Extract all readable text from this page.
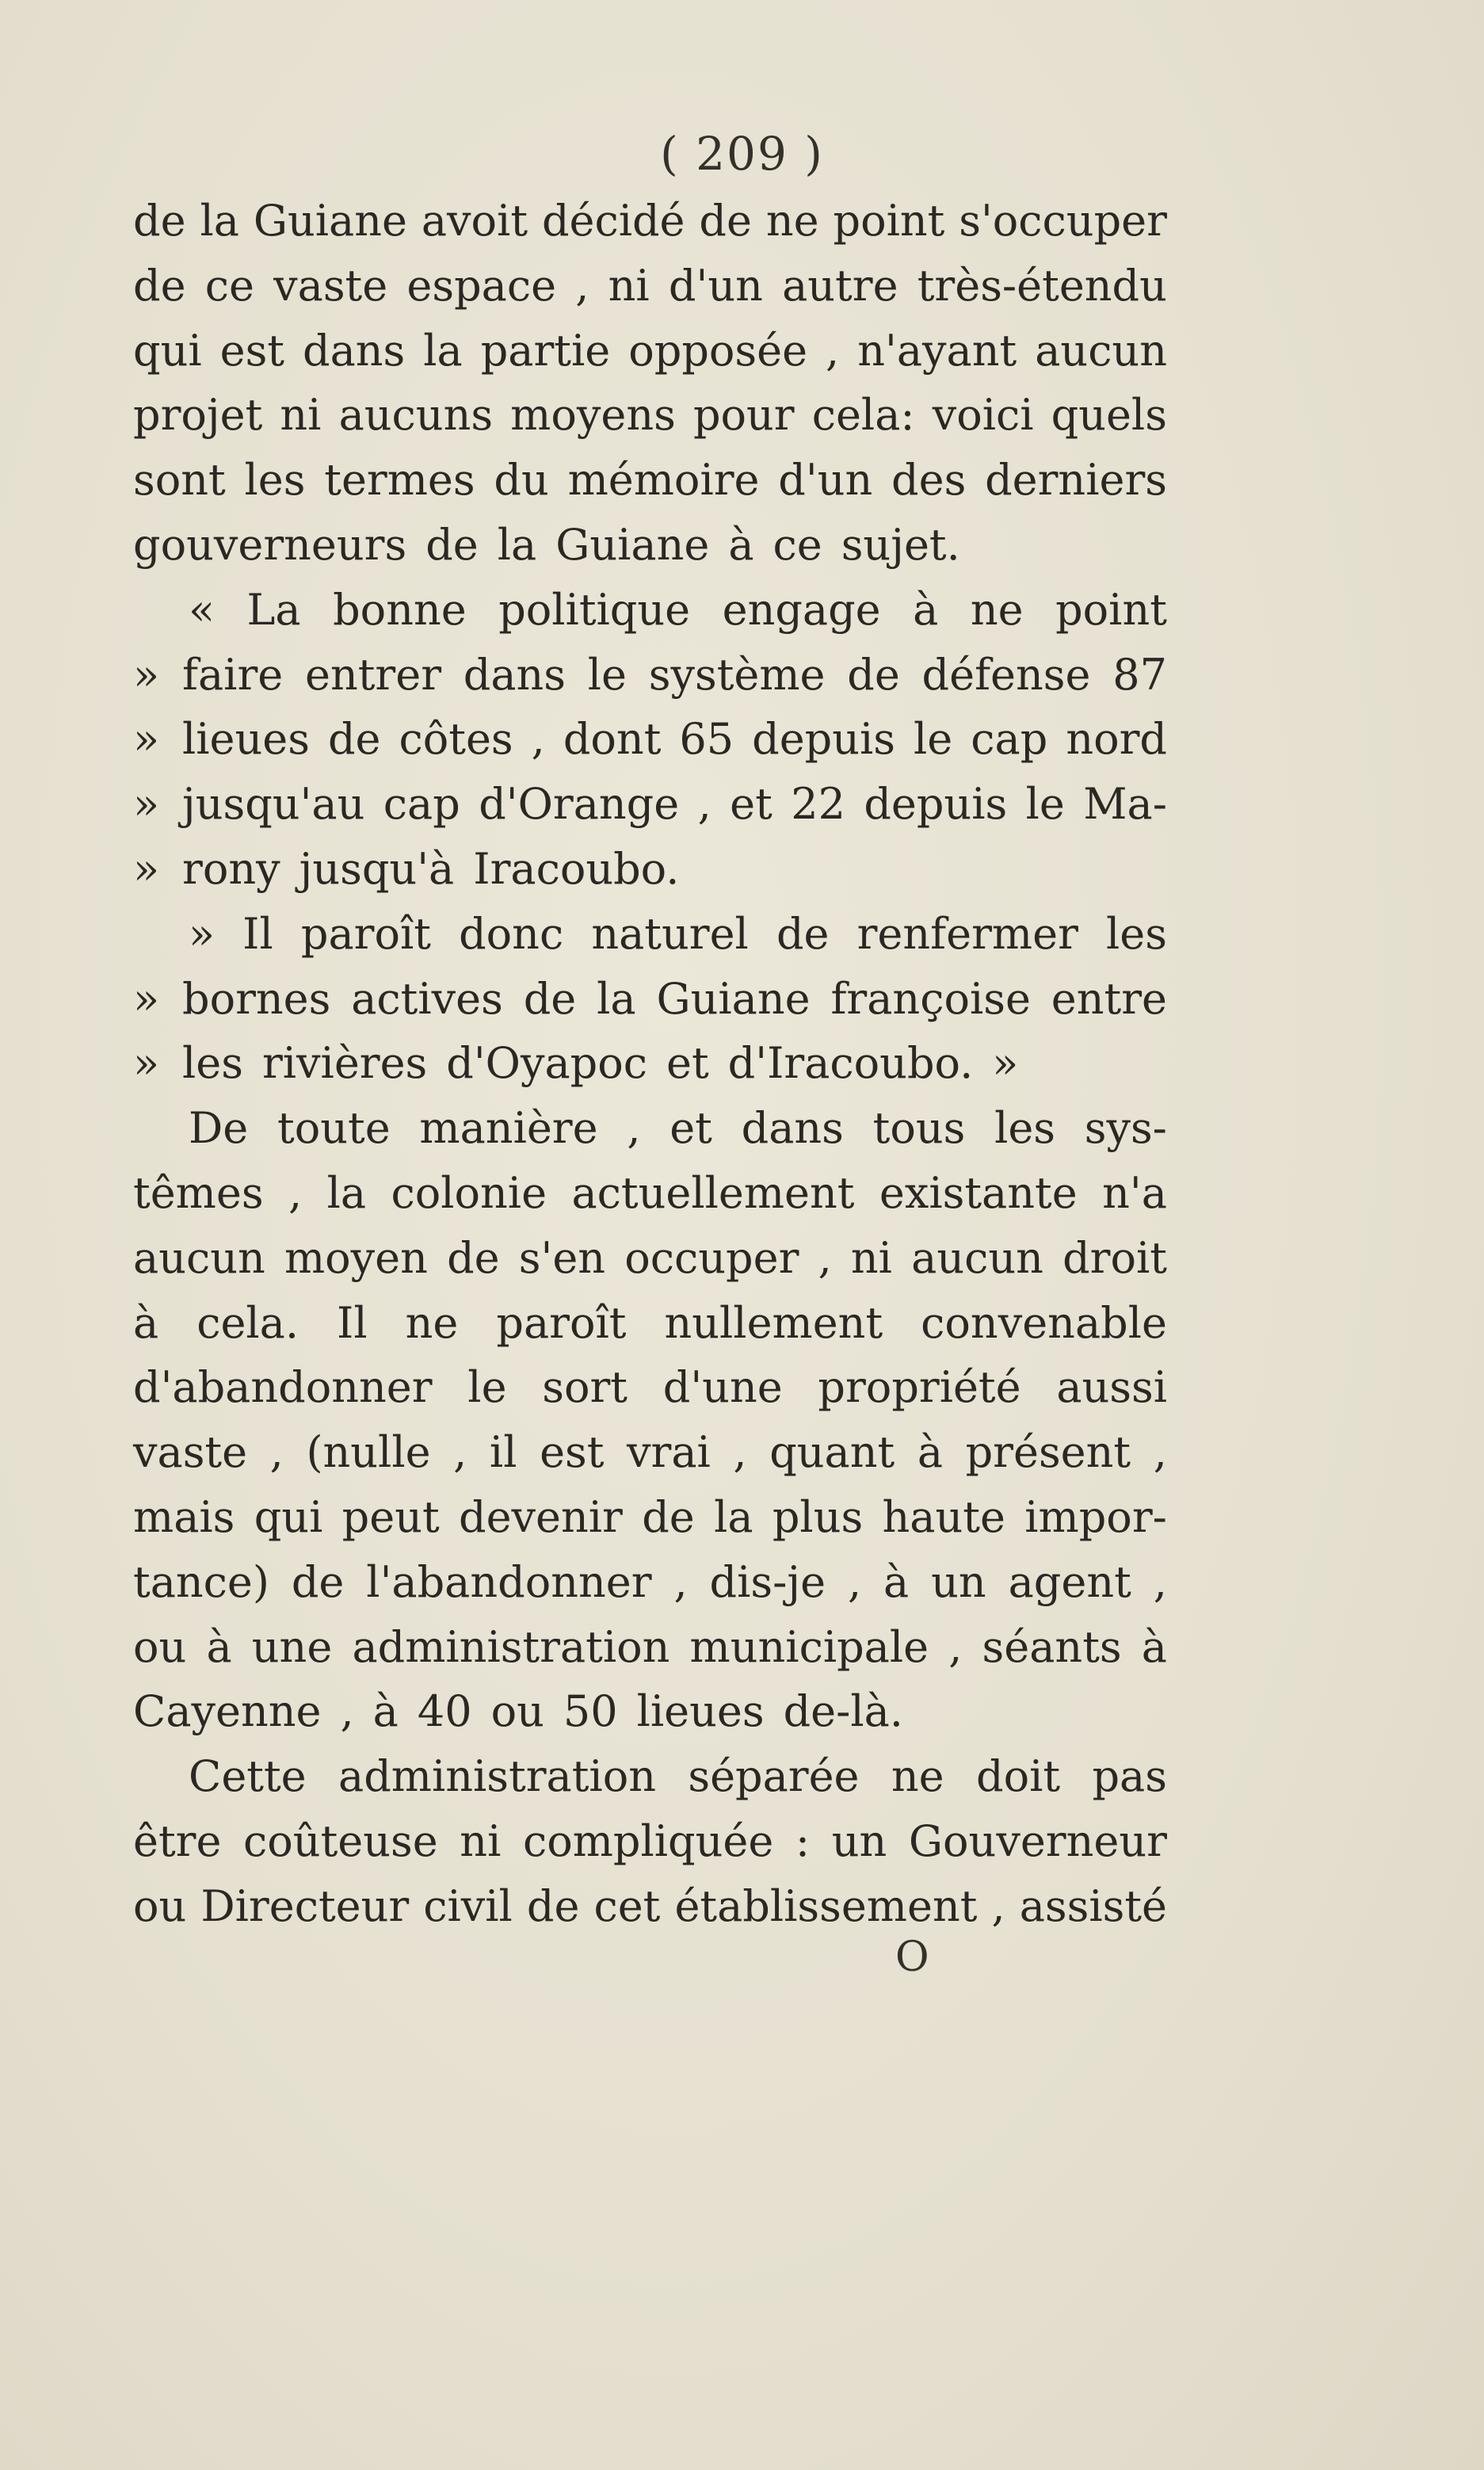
( 209 )
de la Guiane avoit décidé de ne point s'occuper
de ce vaste espace , ni d'un autre très-étendu
qui est dans la partie opposée , n'ayant aucun
projet ni aucuns moyens pour cela: voici quels
sont les termes du mémoire d'un des derniers
gouverneurs de la Guiane à ce sujet.
« La bonne politique engage à ne point
» faire entrer dans le système de défense 87
» lieues de côtes , dont 65 depuis le cap nord
» jusqu'au cap d'Orange , et 22 depuis le Ma-
» rony jusqu'à Iracoubo.
» Il paroît donc naturel de renfermer les
» bornes actives de la Guiane françoise entre
» les rivières d'Oyapoc et d'Iracoubo. »
De toute manière , et dans tous les sys-
têmes , la colonie actuellement existante n'a
aucun moyen de s'en occuper , ni aucun droit
à cela. Il ne paroît nullement convenable
d'abandonner le sort d'une propriété aussi
vaste , (nulle , il est vrai , quant à présent ,
mais qui peut devenir de la plus haute impor-
tance) de l'abandonner , dis-je , à un agent ,
ou à une administration municipale , séants à
Cayenne , à 40 ou 50 lieues de-là.
Cette administration séparée ne doit pas
être coûteuse ni compliquée : un Gouverneur
ou Directeur civil de cet établissement , assisté
O
